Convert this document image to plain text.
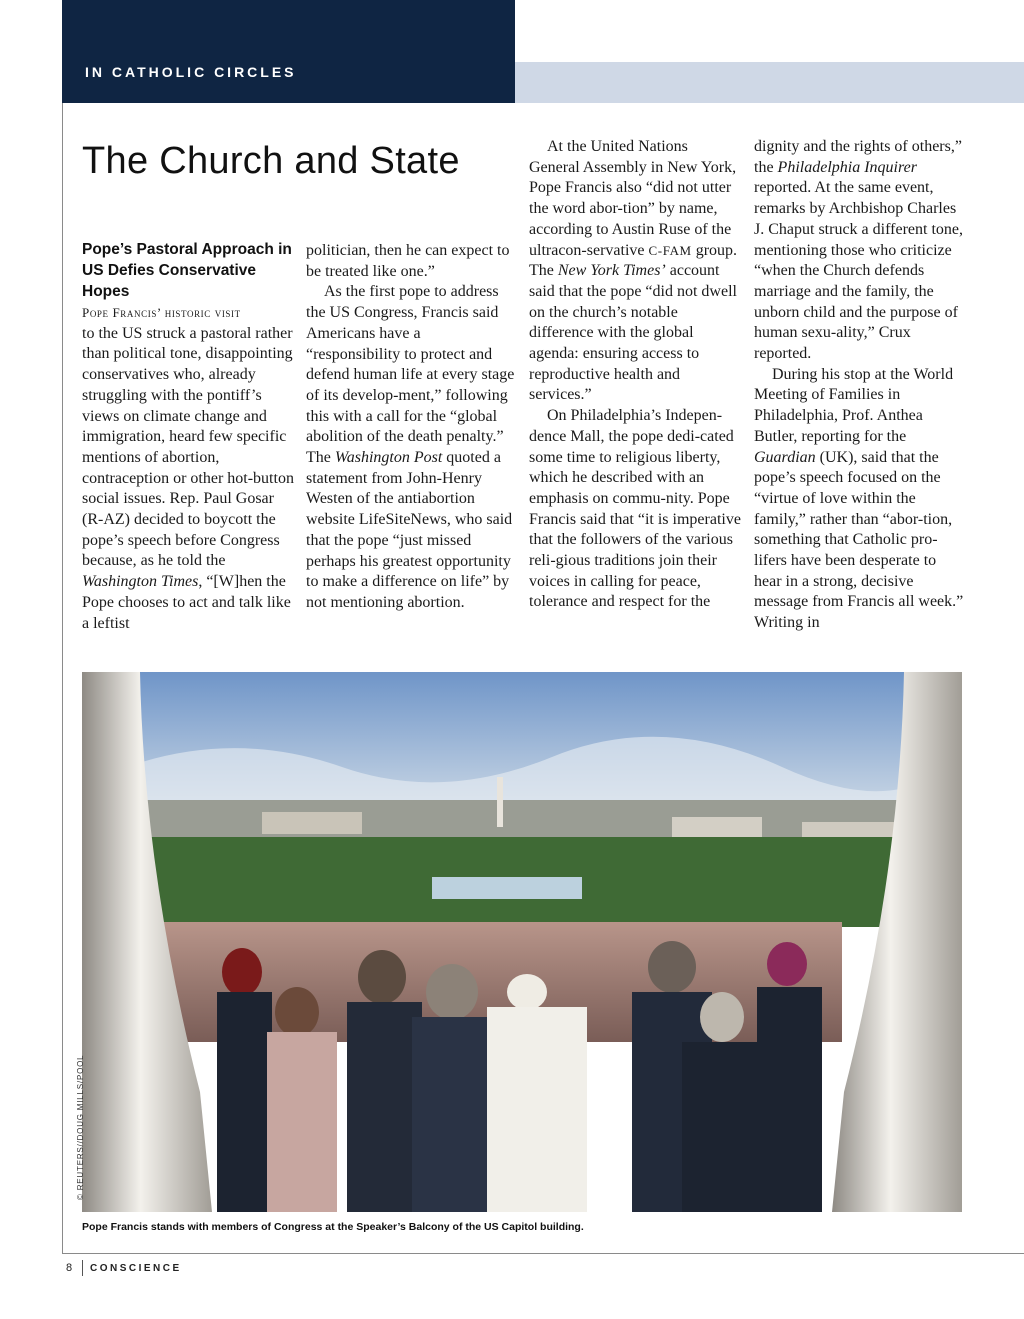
IN CATHOLIC CIRCLES
The Church and State
Pope’s Pastoral Approach in US Defies Conservative Hopes

Pope Francis’ historic visit
to the US struck a pastoral rather than political tone, disappointing conservatives who, already struggling with the pontiff’s views on climate change and immigration, heard few specific mentions of abortion, contraception or other hot-button social issues. Rep. Paul Gosar (R-AZ) decided to boycott the pope’s speech before Congress because, as he told the Washington Times, “[W]hen the Pope chooses to act and talk like a leftist

politician, then he can expect to be treated like one.”

As the first pope to address the US Congress, Francis said Americans have a “responsibility to protect and defend human life at every stage of its develop-ment,” following this with a call for the “global abolition of the death penalty.” The Washington Post quoted a statement from John-Henry Westen of the antiabortion website LifeSiteNews, who said that the pope “just missed perhaps his greatest opportunity to make a difference on life” by not mentioning abortion.

At the United Nations General Assembly in New York, Pope Francis also “did not utter the word abor-tion” by name, according to Austin Ruse of the ultracon-servative C-FAM group. The New York Times’ account said that the pope “did not dwell on the church’s notable difference with the global agenda: ensuring access to reproductive health and services.”

On Philadelphia’s Indepen-dence Mall, the pope dedi-cated some time to religious liberty, which he described with an emphasis on commu-nity. Pope Francis said that “it is imperative that the followers of the various reli-gious traditions join their voices in calling for peace, tolerance and respect for the

dignity and the rights of others,” the Philadelphia Inquirer reported. At the same event, remarks by Archbishop Charles J. Chaput struck a different tone, mentioning those who criticize “when the Church defends marriage and the family, the unborn child and the purpose of human sexu-ality,” Crux reported.

During his stop at the World Meeting of Families in Philadelphia, Prof. Anthea Butler, reporting for the Guardian (UK), said that the pope’s speech focused on the “virtue of love within the family,” rather than “abor-tion, something that Catholic pro-lifers have been desperate to hear in a strong, decisive message from Francis all week.” Writing in

© REUTERS//DOUG MILLS/POOL
Pope Francis stands with members of Congress at the Speaker’s Balcony of the US Capitol building.
8 CONSCIENCE
